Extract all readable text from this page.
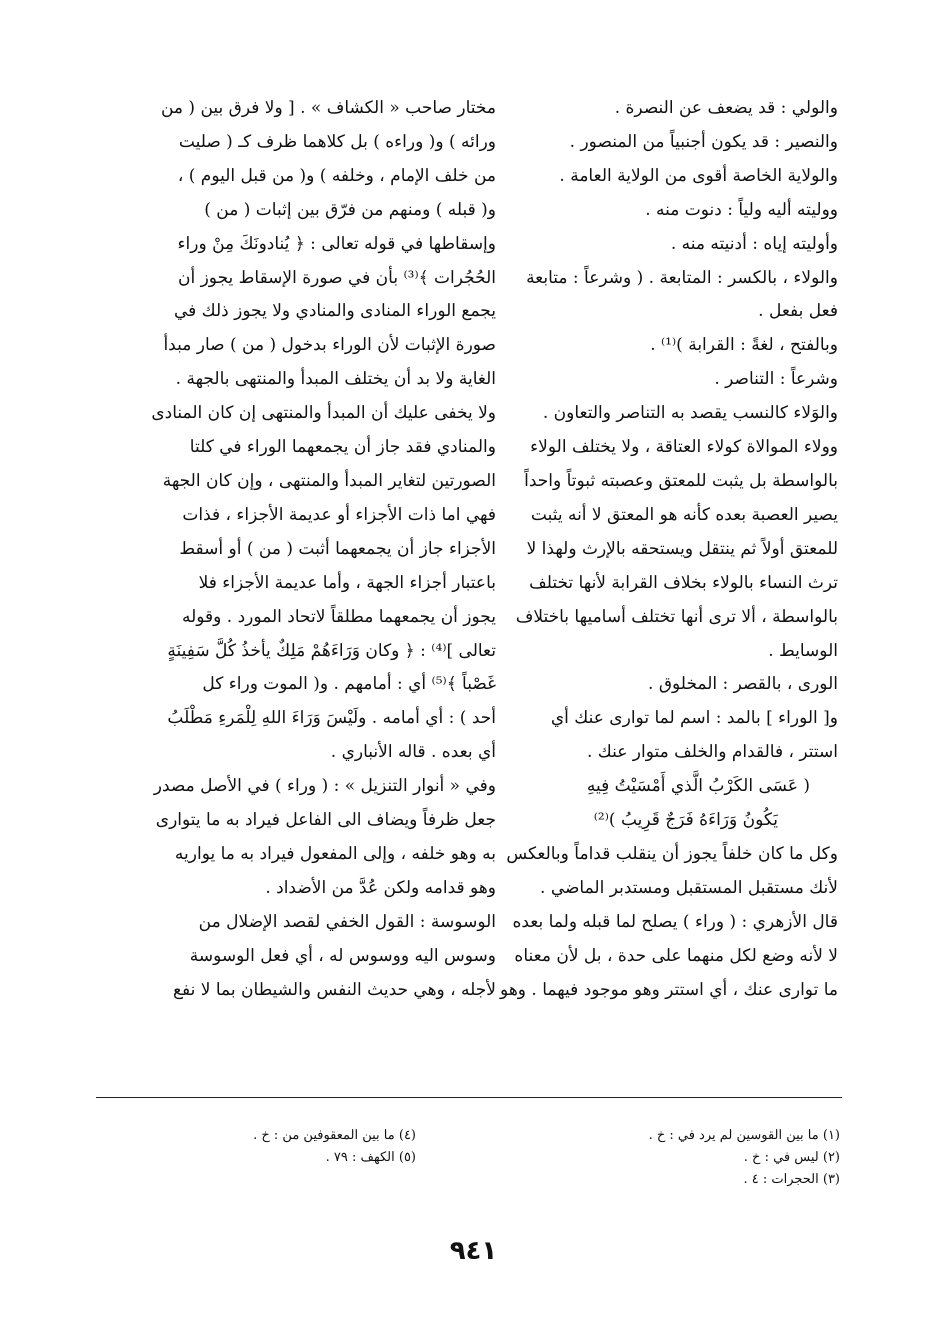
والولي : قد يضعف عن النصرة .
والنصير : قد يكون أجنبياً من المنصور .
والولاية الخاصة أقوى من الولاية العامة .
ووليته أليه ولياً : دنوت منه .
وأوليته إياه : أدنيته منه .
والولاء ، بالكسر : المتابعة . ( وشرعاً : متابعة
فعل بفعل .
وبالفتح ، لغةً : القرابة )⁽¹⁾ .
وشرعاً : التناصر .
والوَلاء كالنسب يقصد به التناصر والتعاون .
وولاء الموالاة كولاء العتاقة ، ولا يختلف الولاء
بالواسطة بل يثبت للمعتق وعصبته ثبوتاً واحداً
يصير العصبة بعده كأنه هو المعتق لا أنه يثبت
للمعتق أولاً ثم ينتقل ويستحقه بالإرث ولهذا لا
ترث النساء بالولاء بخلاف القرابة لأنها تختلف
بالواسطة ، ألا ترى أنها تختلف أساميها باختلاف
الوسايط .
الورى ، بالقصر : المخلوق .
و[ الوراء ] بالمد : اسم لما توارى عنك أي
استتر ، فالقدام والخلف متوار عنك .
( عَسَى الكَرْبُ الَّذي أَمْسَيْتُ فِيهِ
يَكُونُ وَرَاءَهُ فَرَجٌ قَرِيبُ )⁽²⁾
وكل ما كان خلفاً يجوز أن ينقلب قداماً وبالعكس
لأنك مستقبل المستقبل ومستدبر الماضي .
قال الأزهري : ( وراء ) يصلح لما قبله ولما بعده
لا لأنه وضع لكل منهما على حدة ، بل لأن معناه
ما توارى عنك ، أي استتر وهو موجود فيهما . وهو
مختار صاحب « الكشاف » . [ ولا فرق بين ( من
ورائه ) و( وراءه ) بل كلاهما ظرف كـ ( صليت
من خلف الإمام ، وخلفه ) و( من قبل اليوم ) ،
و( قبله ) ومنهم من فرّق بين إثبات ( من )
وإسقاطها في قوله تعالى : ﴿ يُنادونَكَ مِنْ وراء
الحُجُرات ﴾⁽³⁾ بأن في صورة الإسقاط يجوز أن
يجمع الوراء المنادى والمنادي ولا يجوز ذلك في
صورة الإثبات لأن الوراء بدخول ( من ) صار مبدأ
الغاية ولا بد أن يختلف المبدأ والمنتهى بالجهة .
ولا يخفى عليك أن المبدأ والمنتهى إن كان المنادى
والمنادي فقد جاز أن يجمعهما الوراء في كلتا
الصورتين لتغاير المبدأ والمنتهى ، وإن كان الجهة
فهي اما ذات الأجزاء أو عديمة الأجزاء ، فذات
الأجزاء جاز أن يجمعهما أثبت ( من ) أو أسقط
باعتبار أجزاء الجهة ، وأما عديمة الأجزاء فلا
يجوز أن يجمعهما مطلقاً لاتحاد المورد . وقوله
تعالى ]⁽⁴⁾ : ﴿ وكان وَرَاءَهُمْ مَلِكٌ يأخذُ كُلَّ سَفِينَةٍ
غَصْباً ﴾⁽⁵⁾ أي : أمامهم . و( الموت وراء كل
أحد ) : أي أمامه . ولَيْسَ وَرَاءَ اللهِ لِلْمَرءِ مَطْلَبُ
أي بعده . قاله الأنباري .
وفي « أنوار التنزيل » : ( وراء ) في الأصل مصدر
جعل ظرفاً ويضاف الى الفاعل فيراد به ما يتوارى
به وهو خلفه ، وإلى المفعول فيراد به ما يواريه
وهو قدامه ولكن عُدَّ من الأضداد .
الوسوسة : القول الخفي لقصد الإضلال من
وسوس اليه ووسوس له ، أي فعل الوسوسة
لأجله ، وهي حديث النفس والشيطان بما لا نفع
(١) ما بين القوسين لم يرد في : خ .
(٢) ليس في : خ .
(٣) الحجرات : ٤ .
(٤) ما بين المعقوفين من : خ .
(٥) الكهف : ٧٩ .
٩٤١
